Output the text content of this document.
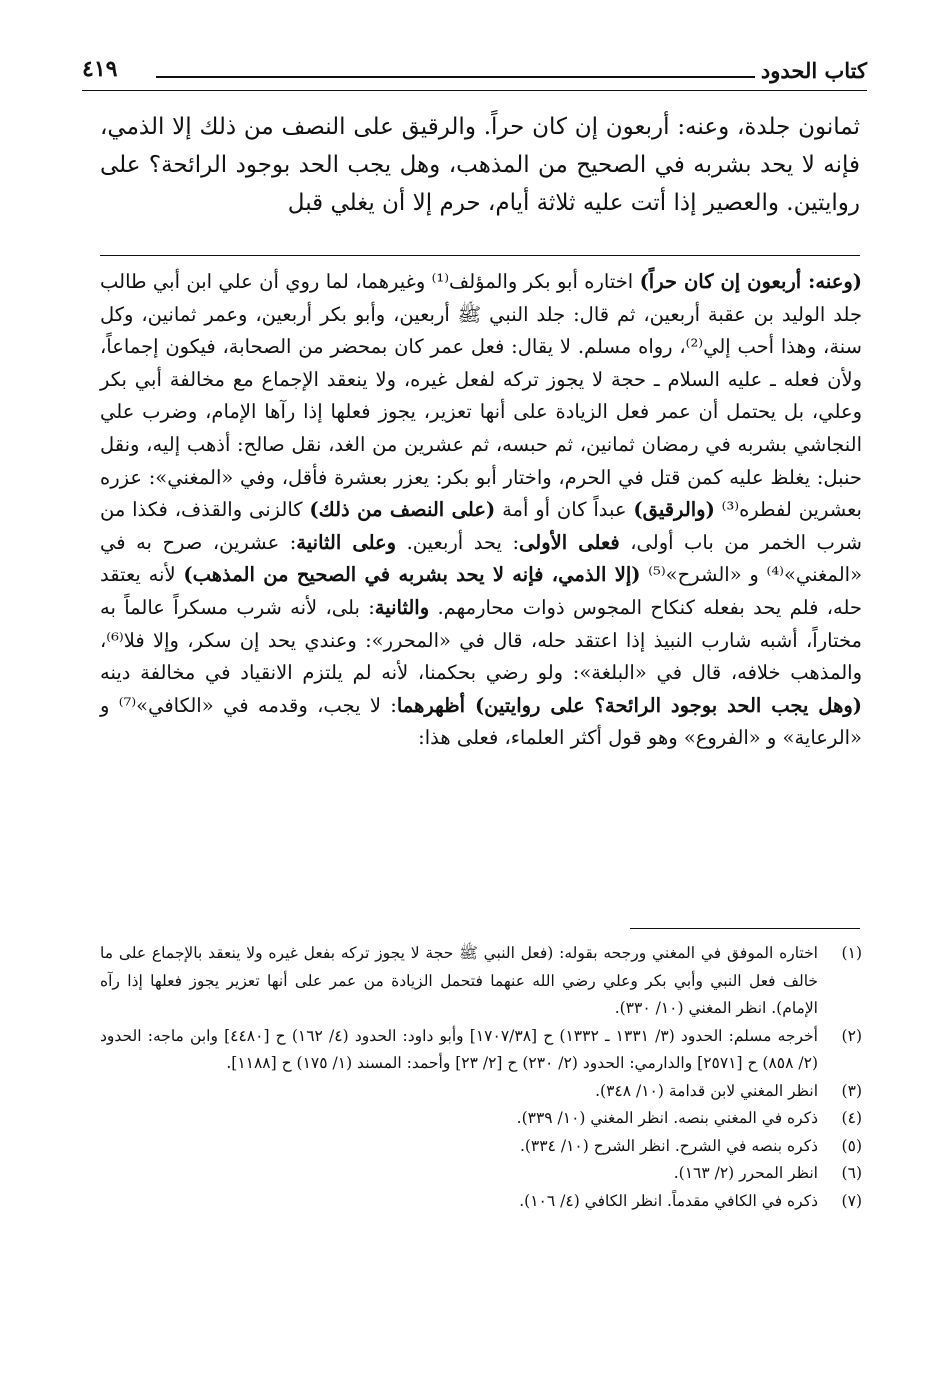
كتاب الحدود
٤١٩

ثمانون جلدة، وعنه: أربعون إن كان حراً. والرقيق على النصف من ذلك إلا الذمي، فإنه لا يحد بشربه في الصحيح من المذهب، وهل يجب الحد بوجود الرائحة؟ على روايتين. والعصير إذا أتت عليه ثلاثة أيام، حرم إلا أن يغلي قبل

(وعنه: أربعون إن كان حراً) اختاره أبو بكر والمؤلف⁽¹⁾ وغيرهما، لما روي أن علي ابن أبي طالب جلد الوليد بن عقبة أربعين، ثم قال: جلد النبي ﷺ أربعين، وأبو بكر أربعين، وعمر ثمانين، وكل سنة، وهذا أحب إلي⁽²⁾، رواه مسلم. لا يقال: فعل عمر كان بمحضر من الصحابة، فيكون إجماعاً، ولأن فعله ـ عليه السلام ـ حجة لا يجوز تركه لفعل غيره، ولا ينعقد الإجماع مع مخالفة أبي بكر وعلي، بل يحتمل أن عمر فعل الزيادة على أنها تعزير، يجوز فعلها إذا رآها الإمام، وضرب علي النجاشي بشربه في رمضان ثمانين، ثم حبسه، ثم عشرين من الغد، نقل صالح: أذهب إليه، ونقل حنبل: يغلظ عليه كمن قتل في الحرم، واختار أبو بكر: يعزر بعشرة فأقل، وفي «المغني»: عزره بعشرين لفطره⁽³⁾ (والرقيق) عبداً كان أو أمة (على النصف من ذلك) كالزنى والقذف، فكذا من شرب الخمر من باب أولى، فعلى الأولى: يحد أربعين. وعلى الثانية: عشرين، صرح به في «المغني»⁽⁴⁾ و «الشرح»⁽⁵⁾ (إلا الذمي، فإنه لا يحد بشربه في الصحيح من المذهب) لأنه يعتقد حله، فلم يحد بفعله كنكاح المجوس ذوات محارمهم. والثانية: بلى، لأنه شرب مسكراً عالماً به مختاراً، أشبه شارب النبيذ إذا اعتقد حله، قال في «المحرر»: وعندي يحد إن سكر، وإلا فلا⁽⁶⁾، والمذهب خلافه، قال في «البلغة»: ولو رضي بحكمنا، لأنه لم يلتزم الانقياد في مخالفة دينه (وهل يجب الحد بوجود الرائحة؟ على روايتين) أظهرهما: لا يجب، وقدمه في «الكافي»⁽⁷⁾ و «الرعاية» و «الفروع» وهو قول أكثر العلماء، فعلى هذا:

(١)
اختاره الموفق في المغني ورجحه بقوله: (فعل النبي ﷺ حجة لا يجوز تركه بفعل غيره ولا ينعقد بالإجماع على ما خالف فعل النبي وأبي بكر وعلي رضي الله عنهما فتحمل الزيادة من عمر على أنها تعزير يجوز فعلها إذا رآه الإمام). انظر المغني (١٠/ ٣٣٠).
(٢)
أخرجه مسلم: الحدود (٣/ ١٣٣١ ـ ١٣٣٢) ح [١٧٠٧/٣٨] وأبو داود: الحدود (٤/ ١٦٢) ح [٤٤٨٠] وابن ماجه: الحدود (٢/ ٨٥٨) ح [٢٥٧١] والدارمي: الحدود (٢/ ٢٣٠) ح [٢/ ٢٣] وأحمد: المسند (١/ ١٧٥) ح [١١٨٨].
(٣)
انظر المغني لابن قدامة (١٠/ ٣٤٨).
(٤)
ذكره في المغني بنصه. انظر المغني (١٠/ ٣٣٩).
(٥)
ذكره بنصه في الشرح. انظر الشرح (١٠/ ٣٣٤).
(٦)
انظر المحرر (٢/ ١٦٣).
(٧)
ذكره في الكافي مقدماً. انظر الكافي (٤/ ١٠٦).
